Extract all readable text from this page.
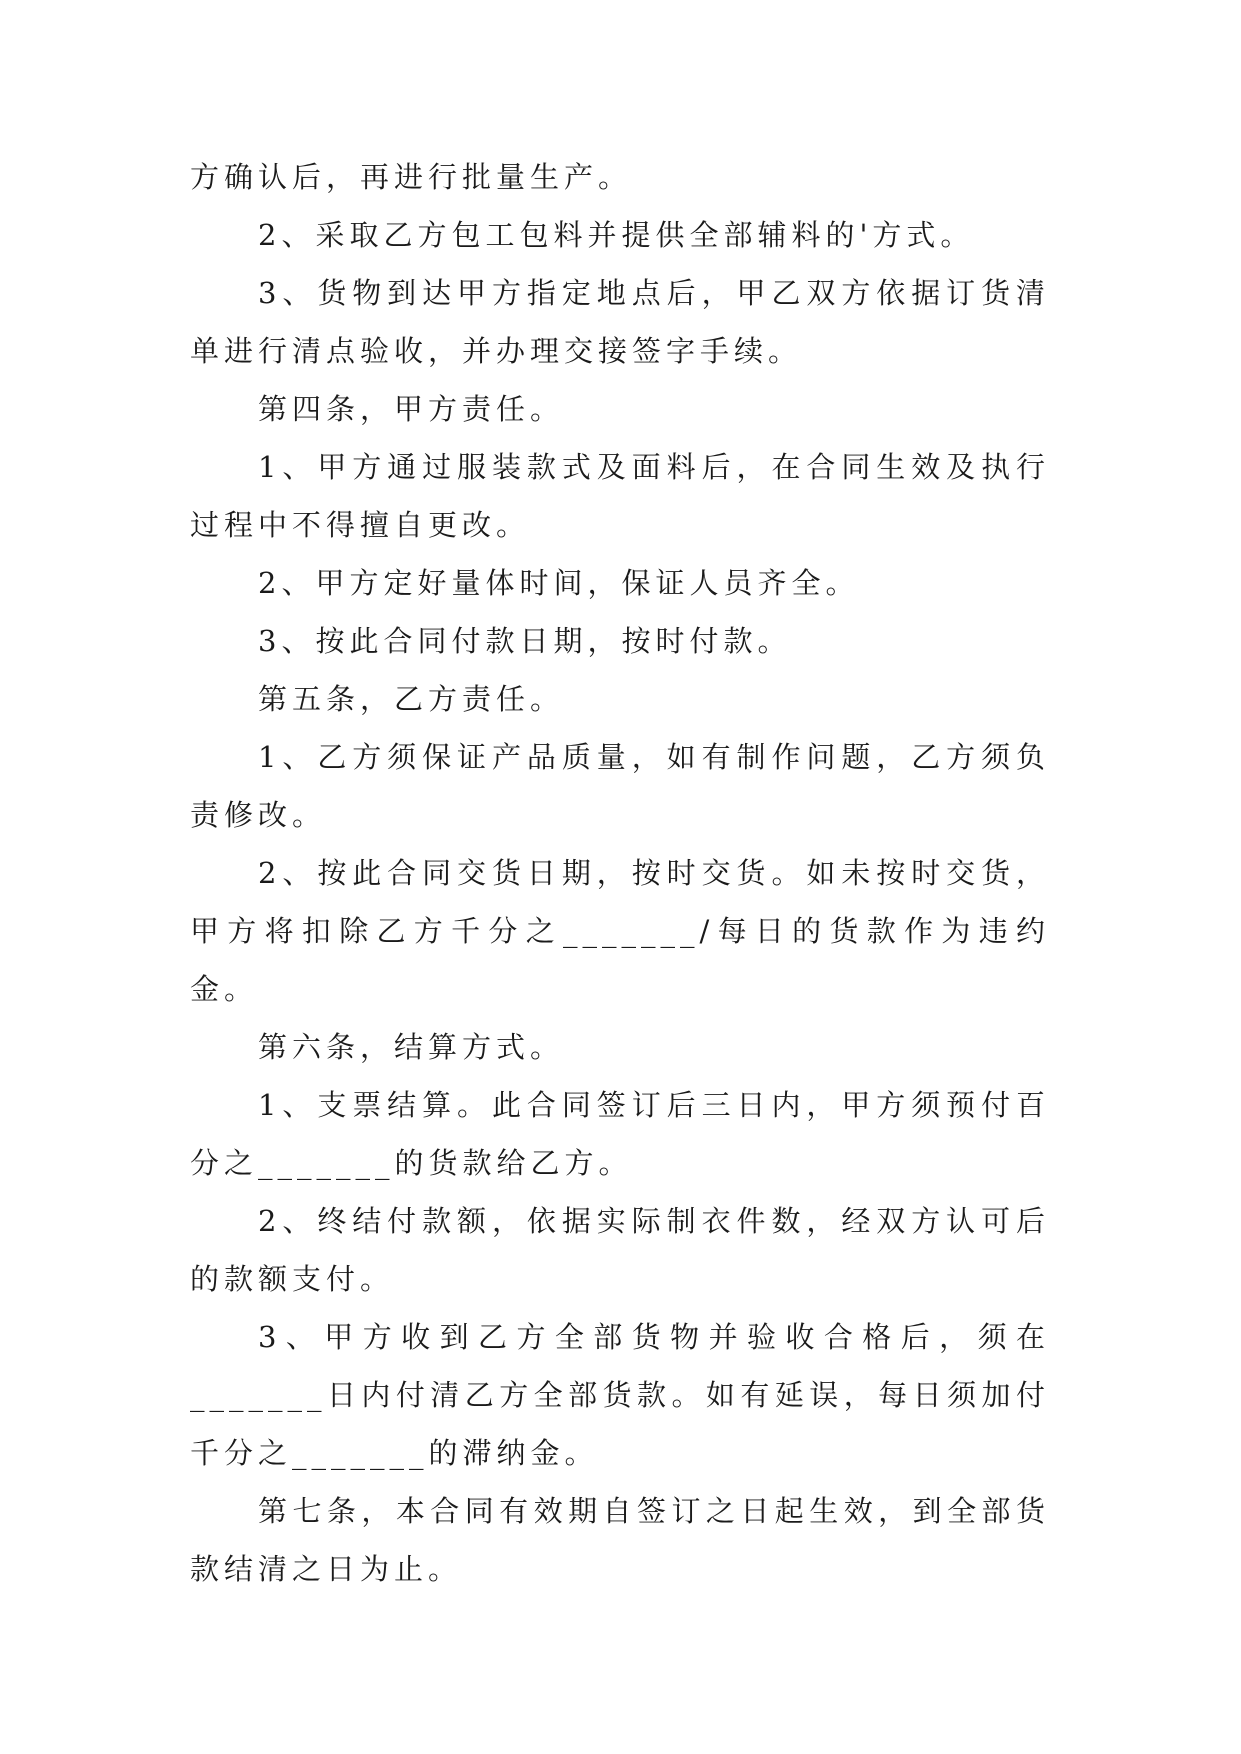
方确认后，再进行批量生产。

2、采取乙方包工包料并提供全部辅料的'方式。

3、货物到达甲方指定地点后，甲乙双方依据订货清单进行清点验收，并办理交接签字手续。

第四条，甲方责任。

1、甲方通过服装款式及面料后，在合同生效及执行过程中不得擅自更改。

2、甲方定好量体时间，保证人员齐全。

3、按此合同付款日期，按时付款。

第五条，乙方责任。

1、乙方须保证产品质量，如有制作问题，乙方须负责修改。

2、按此合同交货日期，按时交货。如未按时交货，甲方将扣除乙方千分之_______/每日的货款作为违约金。

第六条，结算方式。

1、支票结算。此合同签订后三日内，甲方须预付百分之_______的货款给乙方。

2、终结付款额，依据实际制衣件数，经双方认可后的款额支付。

3、甲方收到乙方全部货物并验收合格后，须在_______日内付清乙方全部货款。如有延误，每日须加付千分之_______的滞纳金。

第七条，本合同有效期自签订之日起生效，到全部货款结清之日为止。
